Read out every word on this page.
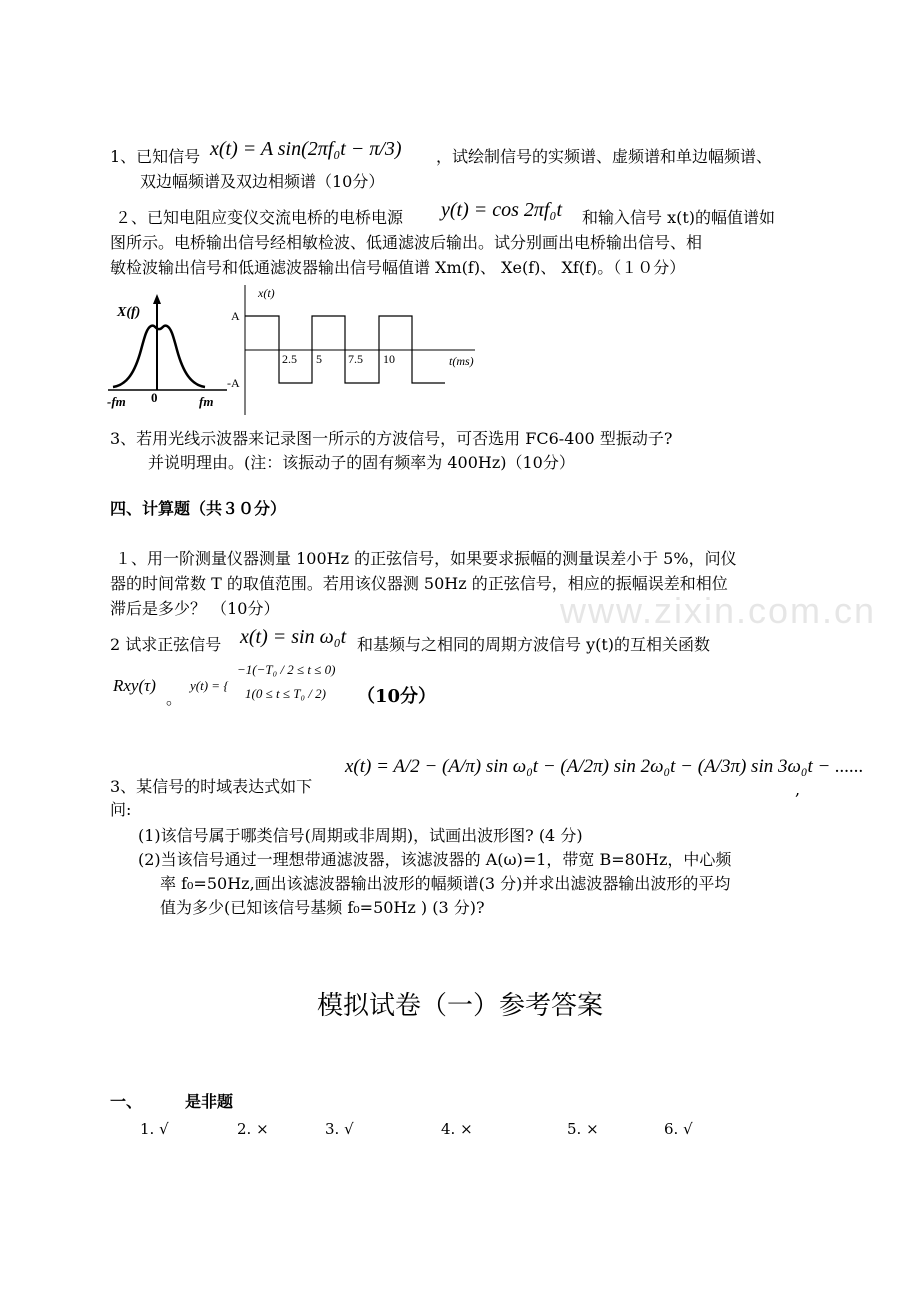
www.zixin.com.cn
1、已知信号 x(t) = A sin(2πf₀t − π/3) ，试绘制信号的实频谱、虚频谱和单边幅频谱、
双边幅频谱及双边相频谱（10分）
２、已知电阻应变仪交流电桥的电桥电源 y(t) = cos 2πf₀t 和输入信号 x(t)的幅值谱如
图所示。电桥输出信号经相敏检波、低通滤波后输出。试分别画出电桥输出信号、相
敏检波输出信号和低通滤波器输出信号幅值谱 Xm(f)、 Xe(f)、 Xf(f)。（１０分）
X(f)
-fm 0	fm
x(t)
A
-A
2.5 5 7.5 10	t(ms)
3、若用光线示波器来记录图一所示的方波信号，可否选用 FC6-400 型振动子?
并说明理由。(注：该振动子的固有频率为 400Hz)（10分）
四、计算题（共３０分）
１、用一阶测量仪器测量 100Hz 的正弦信号，如果要求振幅的测量误差小于 5%，问仪
器的时间常数 T 的取值范围。若用该仪器测 50Hz 的正弦信号，相应的振幅误差和相位
滞后是多少？ （10分）
2 试求正弦信号 x(t) = sin ω₀t 和基频与之相同的周期方波信号 y(t)的互相关函数
Rxy(τ)
。
y(t) = {
−1(−T₀ / 2 ≤ t ≤ 0)
1(0 ≤ t ≤ T₀ / 2) （10分）
x(t) = A/2 − (A/π) sin ω₀t − (A/2π) sin 2ω₀t − (A/3π) sin 3ω₀t − ......
3、某信号的时域表达式如下	,
问:
(1)该信号属于哪类信号(周期或非周期)，试画出波形图? (4 分)
(2)当该信号通过一理想带通滤波器，该滤波器的 A(ω)=1，带宽 B=80Hz，中心频
率 f₀=50Hz,画出该滤波器输出波形的幅频谱(3 分)并求出滤波器输出波形的平均
值为多少(已知该信号基频 f₀=50Hz ) (3 分)?
模拟试卷（一）参考答案
一、	是非题
1. √	2. ×	3. √	4. ×	5. ×	6. √
